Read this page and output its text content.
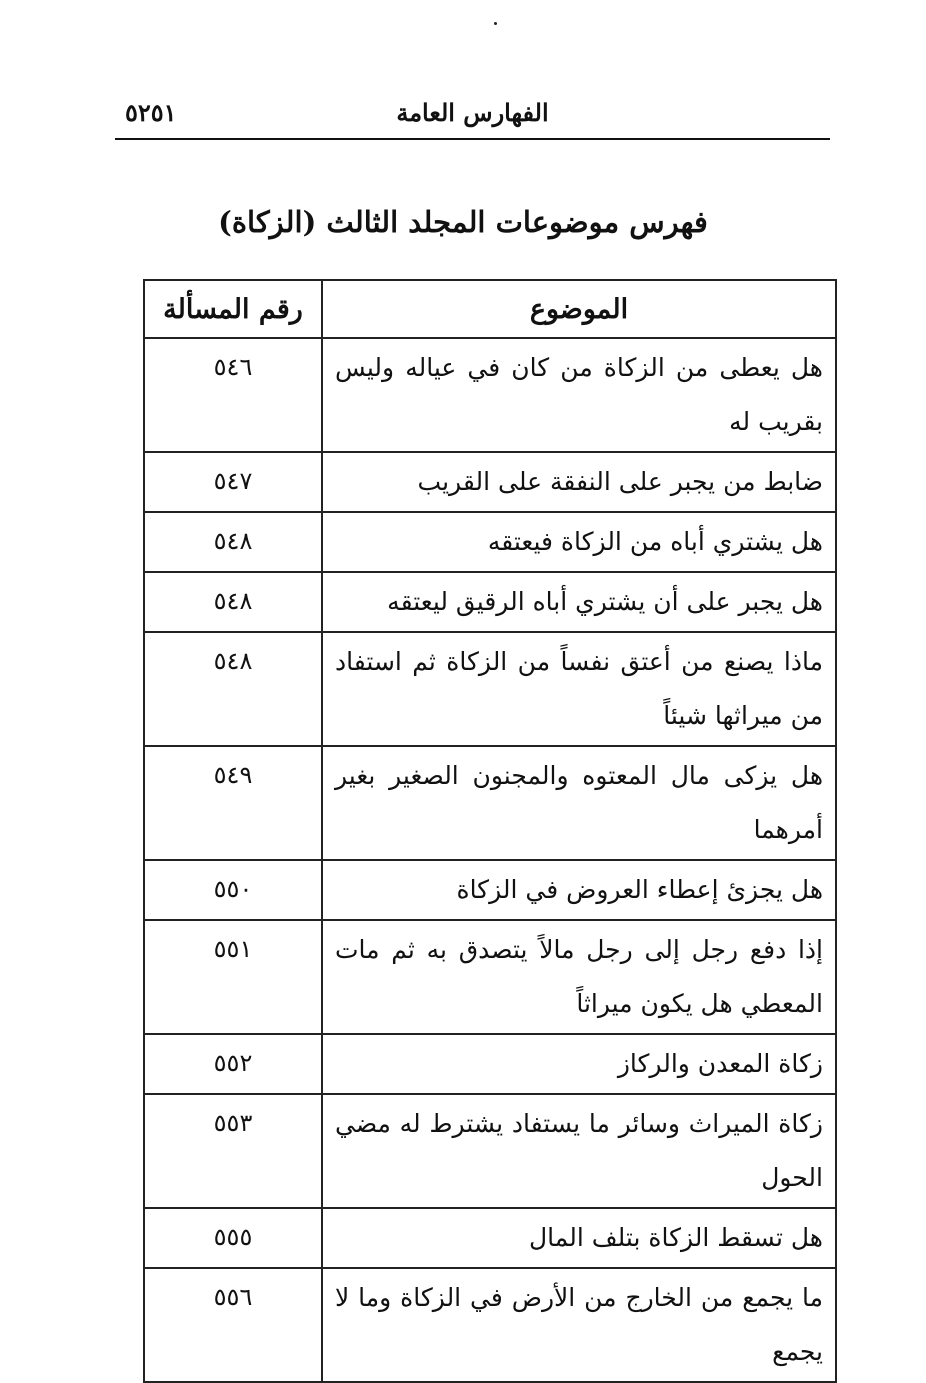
٥٢٥١	الفهارس العامة
فهرس موضوعات المجلد الثالث (الزكاة)
الموضوع	رقم المسألة
هل يعطى من الزكاة من كان في عياله وليس بقريب له	٥٤٦
ضابط من يجبر على النفقة على القريب	٥٤٧
هل يشتري أباه من الزكاة فيعتقه	٥٤٨
هل يجبر على أن يشتري أباه الرقيق ليعتقه	٥٤٨
ماذا يصنع من أعتق نفساً من الزكاة ثم استفاد من ميراثها شيئاً	٥٤٨
هل يزكى مال المعتوه والمجنون الصغير بغير أمرهما	٥٤٩
هل يجزئ إعطاء العروض في الزكاة	٥٥٠
إذا دفع رجل إلى رجل مالاً يتصدق به ثم مات المعطي هل يكون ميراثاً	٥٥١
زكاة المعدن والركاز	٥٥٢
زكاة الميراث وسائر ما يستفاد يشترط له مضي الحول	٥٥٣
هل تسقط الزكاة بتلف المال	٥٥٥
ما يجمع من الخارج من الأرض في الزكاة وما لا يجمع	٥٥٦
